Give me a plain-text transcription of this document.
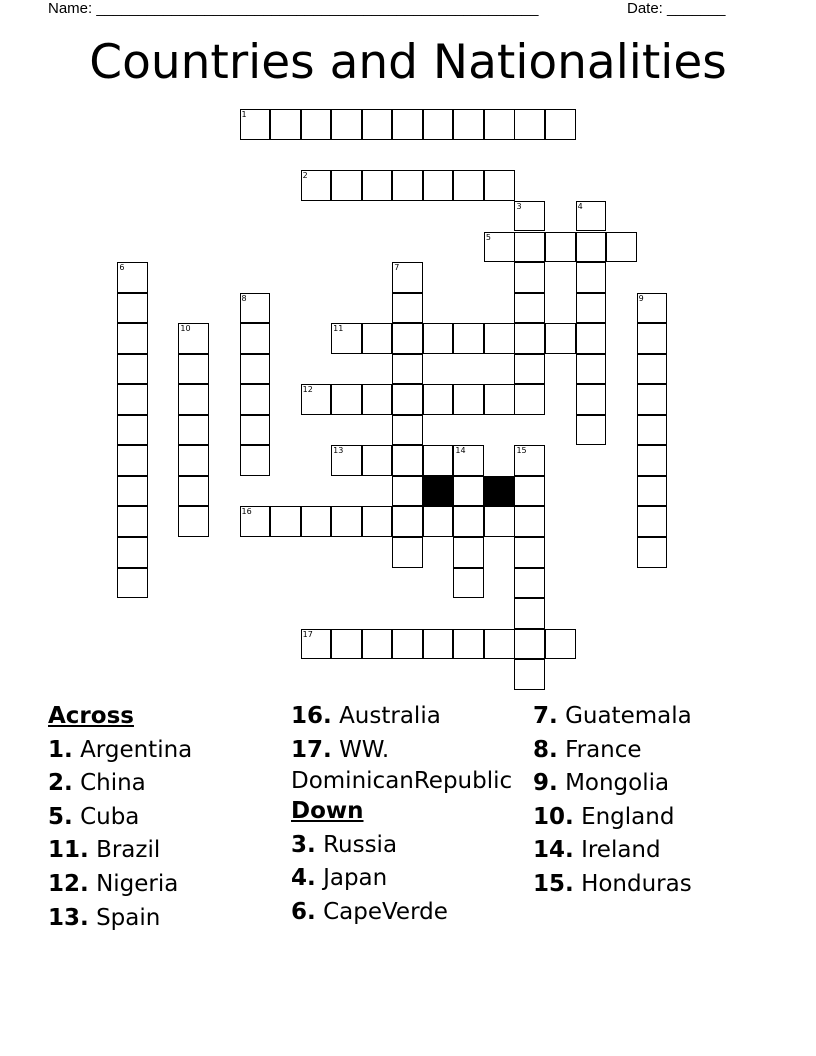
Name: _____________________________________________________	Date: _______
Countries and Nationalities
1
2
3	4
5
6	7
8	9
10	11
12
13	14	15
16
17
Across
1. Argentina
2. China
5. Cuba
11. Brazil
12. Nigeria
13. Spain
16. Australia
17. WW.
DominicanRepublic
Down
3. Russia
4. Japan
6. CapeVerde
7. Guatemala
8. France
9. Mongolia
10. England
14. Ireland
15. Honduras
